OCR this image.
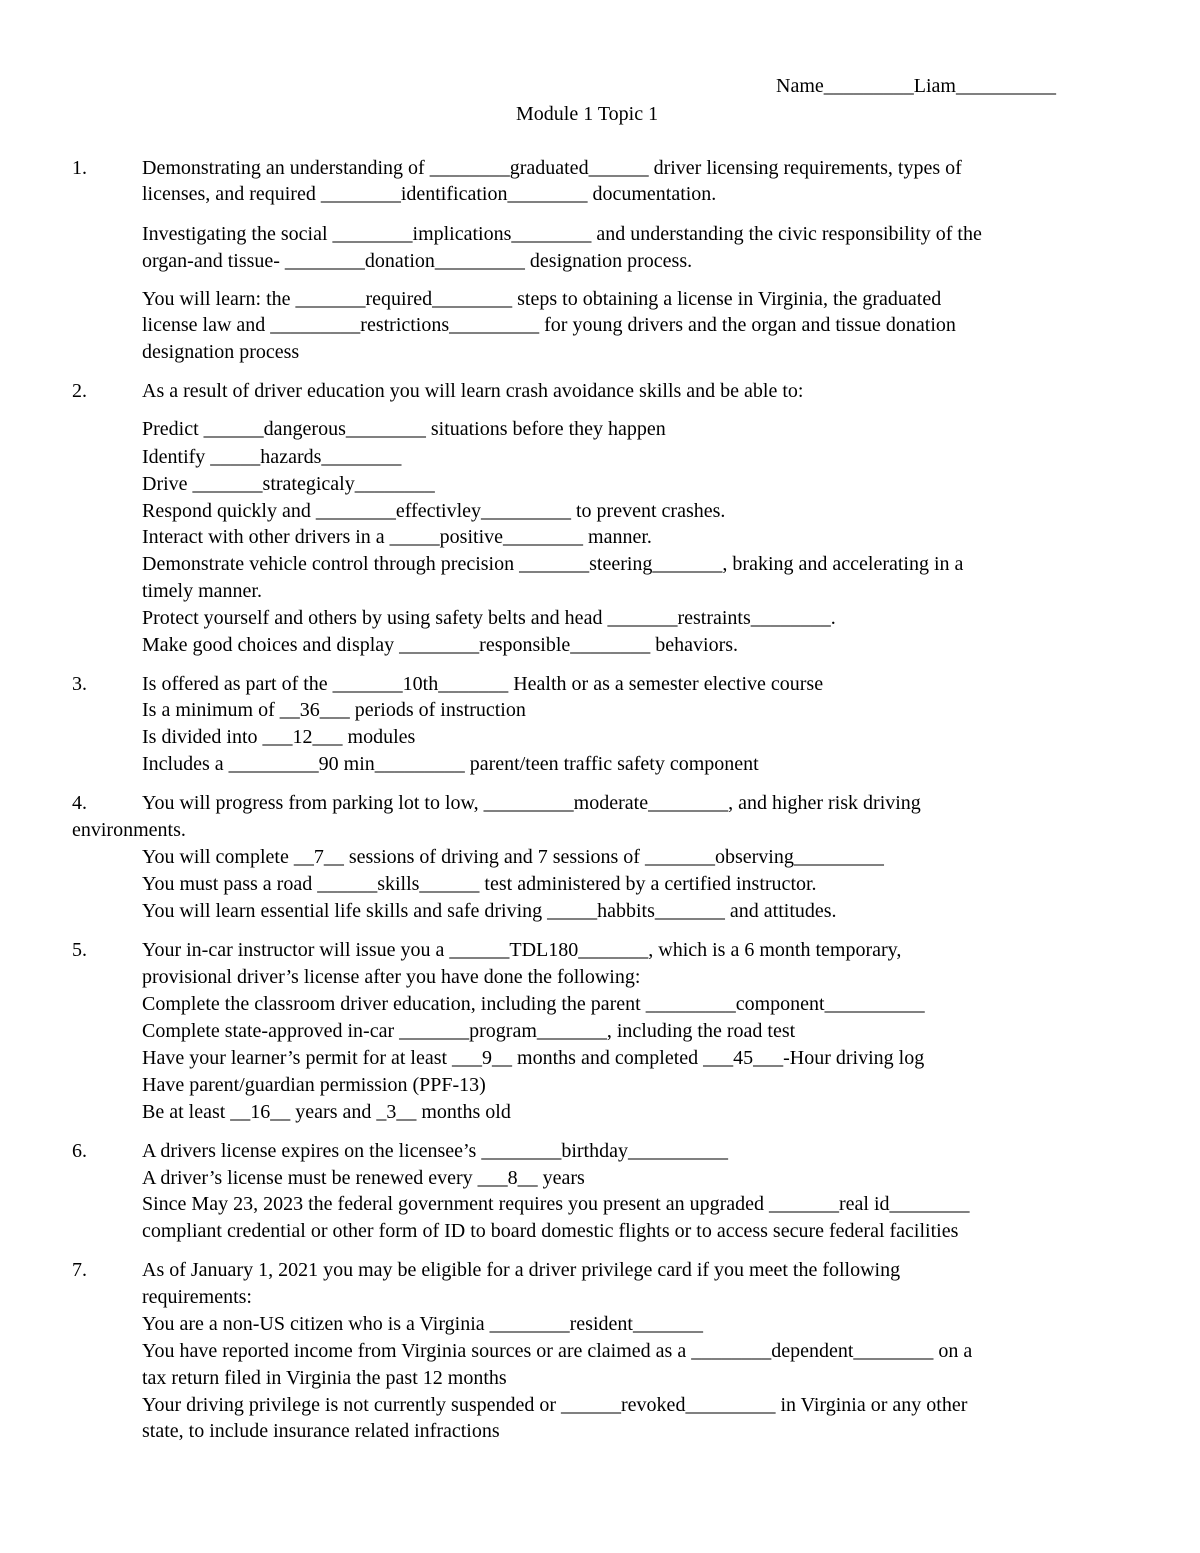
Name_________Liam__________
Module 1 Topic 1
1.	Demonstrating an understanding of ________graduated______ driver licensing requirements, types of
licenses, and required ________identification________ documentation.
Investigating the social ________implications________ and understanding the civic responsibility of the
organ-and tissue- ________donation_________ designation process.
You will learn: the _______required________ steps to obtaining a license in Virginia, the graduated
license law and _________restrictions_________ for young drivers and the organ and tissue donation
designation process
2.	As a result of driver education you will learn crash avoidance skills and be able to:
Predict ______dangerous________ situations before they happen
Identify _____hazards________
Drive _______strategicaly________
Respond quickly and ________effectivley_________ to prevent crashes.
Interact with other drivers in a _____positive________ manner.
Demonstrate vehicle control through precision _______steering_______, braking and accelerating in a
timely manner.
Protect yourself and others by using safety belts and head _______restraints________.
Make good choices and display ________responsible________ behaviors.
3.	Is offered as part of the _______10th_______ Health or as a semester elective course
Is a minimum of __36___ periods of instruction
Is divided into ___12___ modules
Includes a _________90 min_________ parent/teen traffic safety component
4.	You will progress from parking lot to low, _________moderate________, and higher risk driving
environments.
You will complete __7__ sessions of driving and 7 sessions of _______observing_________
You must pass a road ______skills______ test administered by a certified instructor.
You will learn essential life skills and safe driving _____habbits_______ and attitudes.
5.	Your in-car instructor will issue you a ______TDL180_______, which is a 6 month temporary,
provisional driver’s license after you have done the following:
Complete the classroom driver education, including the parent _________component__________
Complete state-approved in-car _______program_______, including the road test
Have your learner’s permit for at least ___9__ months and completed ___45___-Hour driving log
Have parent/guardian permission (PPF-13)
Be at least __16__ years and _3__ months old
6.	A drivers license expires on the licensee’s ________birthday__________
A driver’s license must be renewed every ___8__ years
Since May 23, 2023 the federal government requires you present an upgraded _______real id________
compliant credential or other form of ID to board domestic flights or to access secure federal facilities
7.	As of January 1, 2021 you may be eligible for a driver privilege card if you meet the following
requirements:
You are a non-US citizen who is a Virginia ________resident_______
You have reported income from Virginia sources or are claimed as a ________dependent________ on a
tax return filed in Virginia the past 12 months
Your driving privilege is not currently suspended or ______revoked_________ in Virginia or any other
state, to include insurance related infractions
